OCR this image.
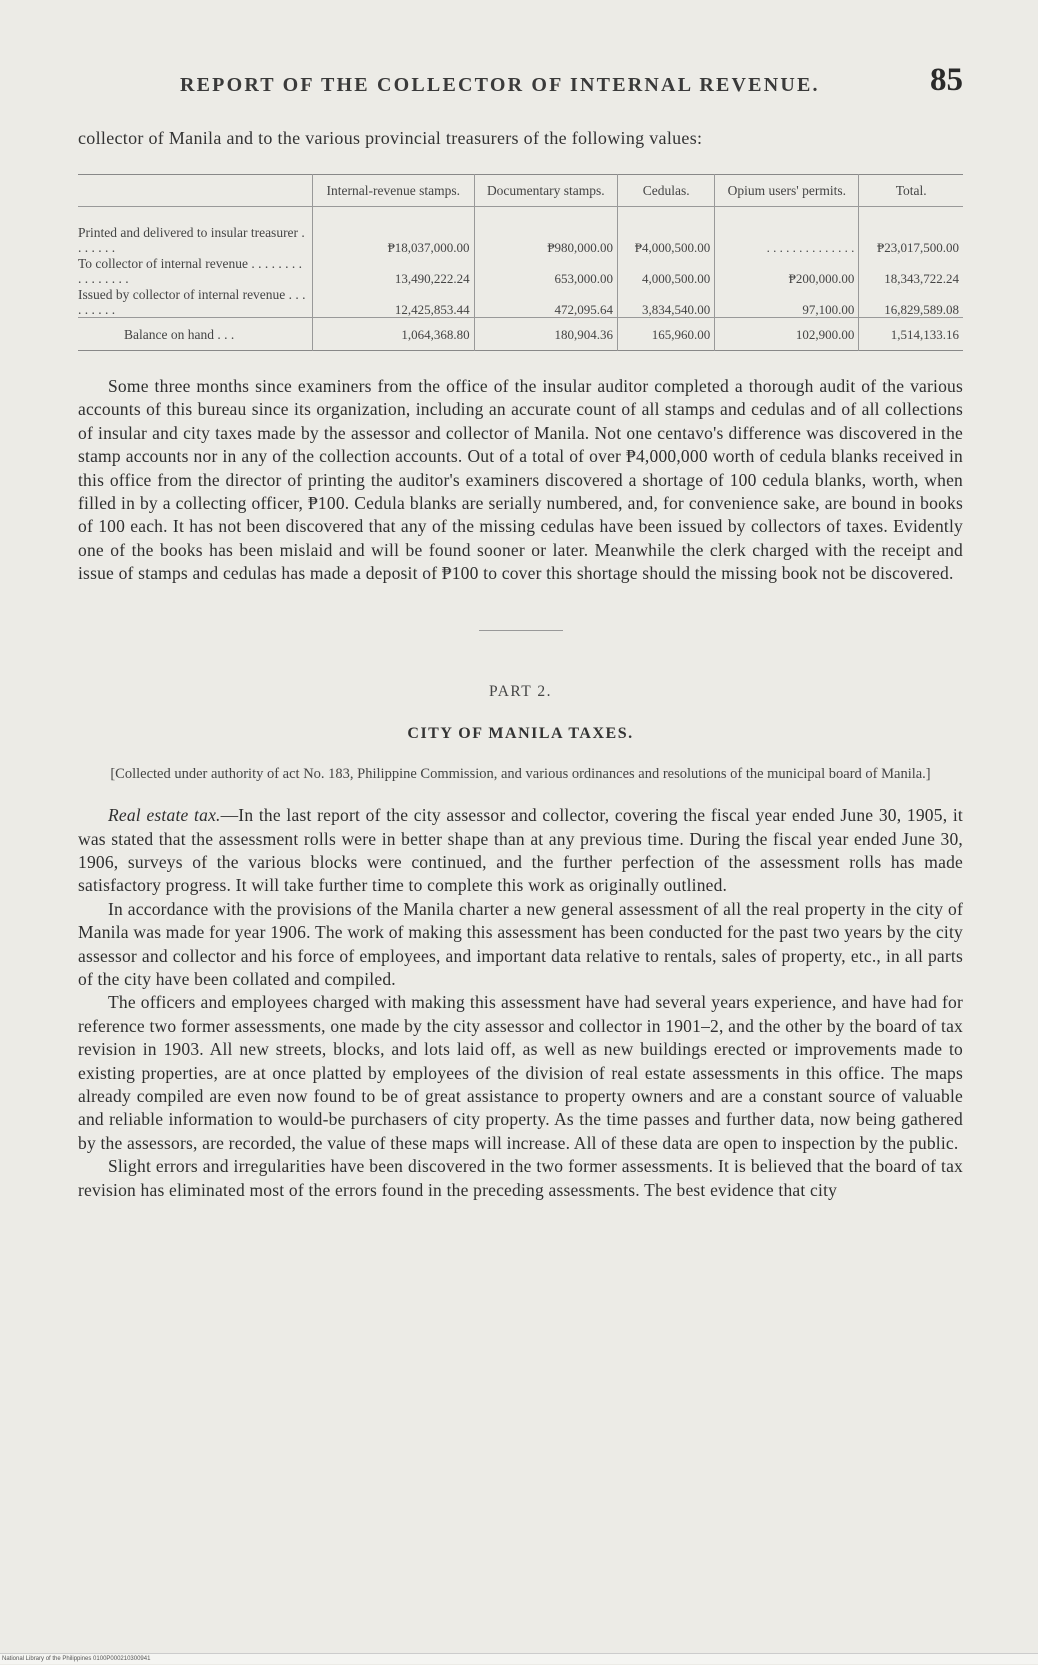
REPORT OF THE COLLECTOR OF INTERNAL REVENUE.	85

collector of Manila and to the various provincial treasurers of the following values:

	Internal-revenue stamps.	Documentary stamps.	Cedulas.	Opium users' permits.	Total.
Printed and delivered to insular treasurer . . . . . . .	₱18,037,000.00	₱980,000.00	₱4,000,500.00	. . . . . . . . . . . . . .	₱23,017,500.00
To collector of internal revenue . . . . . . . . . . . . . . . .	13,490,222.24	653,000.00	4,000,500.00	₱200,000.00	18,343,722.24
Issued by collector of internal revenue . . . . . . . . .	12,425,853.44	472,095.64	3,834,540.00	97,100.00	16,829,589.08
Balance on hand . . .	1,064,368.80	180,904.36	165,960.00	102,900.00	1,514,133.16

Some three months since examiners from the office of the insular auditor completed a thorough audit of the various accounts of this bureau since its organization, including an accurate count of all stamps and cedulas and of all collections of insular and city taxes made by the assessor and collector of Manila. Not one centavo's difference was discovered in the stamp accounts nor in any of the collection accounts. Out of a total of over ₱4,000,000 worth of cedula blanks received in this office from the director of printing the auditor's examiners discovered a shortage of 100 cedula blanks, worth, when filled in by a collecting officer, ₱100. Cedula blanks are serially numbered, and, for convenience sake, are bound in books of 100 each. It has not been discovered that any of the missing cedulas have been issued by collectors of taxes. Evidently one of the books has been mislaid and will be found sooner or later. Meanwhile the clerk charged with the receipt and issue of stamps and cedulas has made a deposit of ₱100 to cover this shortage should the missing book not be discovered.

PART 2.
CITY OF MANILA TAXES.

[Collected under authority of act No. 183, Philippine Commission, and various ordinances and resolutions of the municipal board of Manila.]

Real estate tax.—In the last report of the city assessor and collector, covering the fiscal year ended June 30, 1905, it was stated that the assessment rolls were in better shape than at any previous time. During the fiscal year ended June 30, 1906, surveys of the various blocks were continued, and the further perfection of the assessment rolls has made satisfactory progress. It will take further time to complete this work as originally outlined.

In accordance with the provisions of the Manila charter a new general assessment of all the real property in the city of Manila was made for year 1906. The work of making this assessment has been conducted for the past two years by the city assessor and collector and his force of employees, and important data relative to rentals, sales of property, etc., in all parts of the city have been collated and compiled.

The officers and employees charged with making this assessment have had several years experience, and have had for reference two former assessments, one made by the city assessor and collector in 1901–2, and the other by the board of tax revision in 1903. All new streets, blocks, and lots laid off, as well as new buildings erected or improvements made to existing properties, are at once platted by employees of the division of real estate assessments in this office. The maps already compiled are even now found to be of great assistance to property owners and are a constant source of valuable and reliable information to would-be purchasers of city property. As the time passes and further data, now being gathered by the assessors, are recorded, the value of these maps will increase. All of these data are open to inspection by the public.

Slight errors and irregularities have been discovered in the two former assessments. It is believed that the board of tax revision has eliminated most of the errors found in the preceding assessments. The best evidence that city

National Library of the Philippines 0100P000210300941
